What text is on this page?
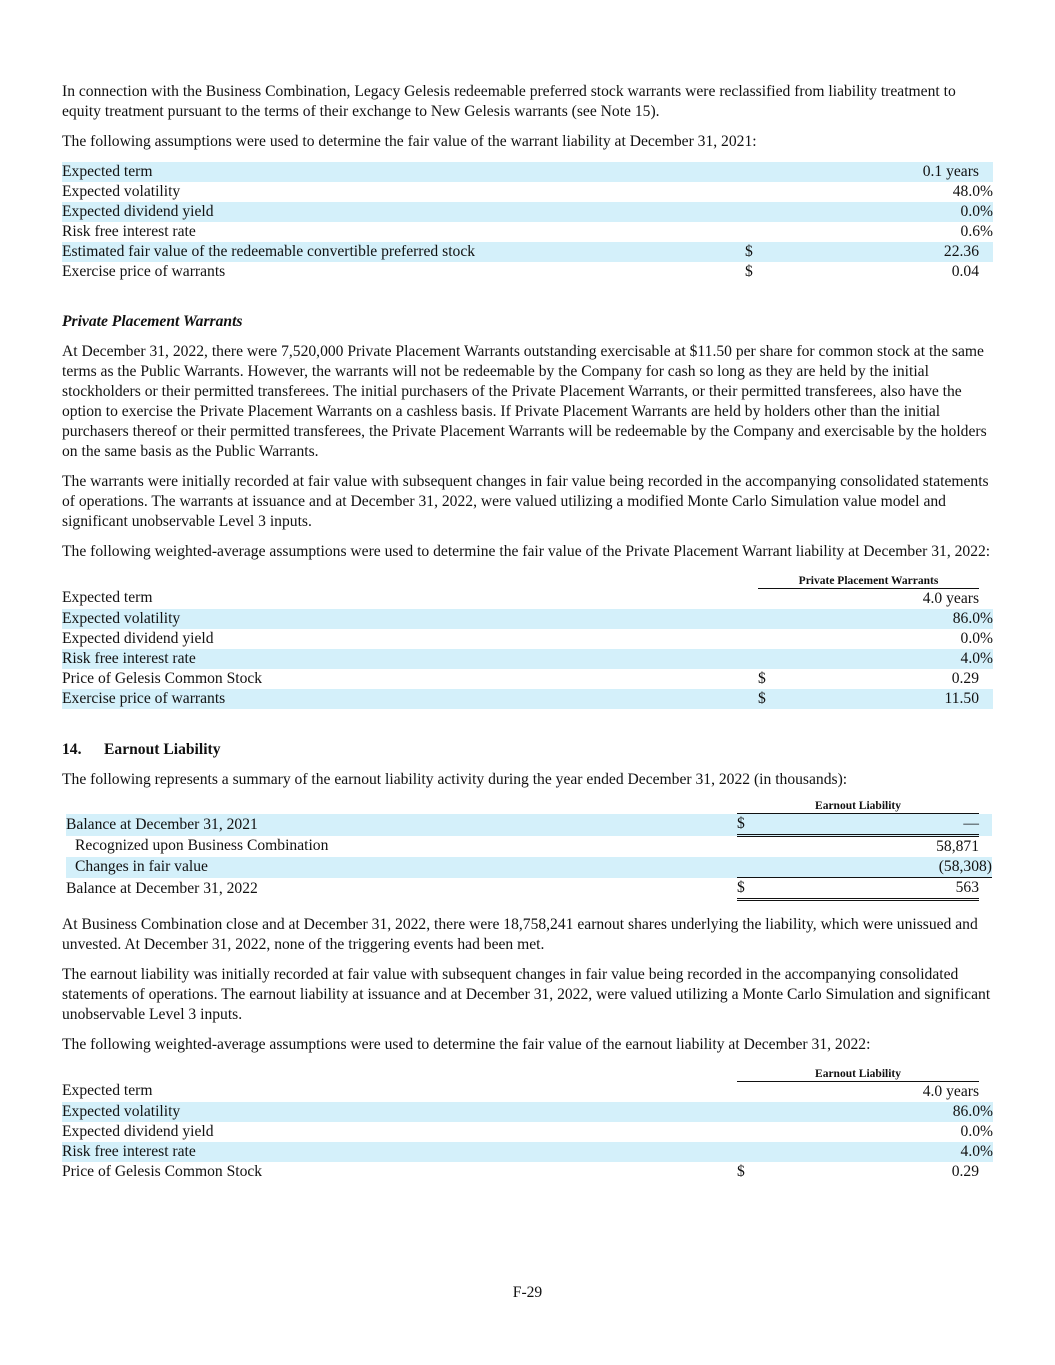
In connection with the Business Combination, Legacy Gelesis redeemable preferred stock warrants were reclassified from liability treatment to equity treatment pursuant to the terms of their exchange to New Gelesis warrants (see Note 15).

The following assumptions were used to determine the fair value of the warrant liability at December 31, 2021:

Expected term		0.1 years	
Expected volatility		48.0%	
Expected dividend yield		0.0%	
Risk free interest rate		0.6%	
Estimated fair value of the redeemable convertible preferred stock	$	22.36	
Exercise price of warrants	$	0.04	

Private Placement Warrants

At December 31, 2022, there were 7,520,000 Private Placement Warrants outstanding exercisable at $11.50 per share for common stock at the same terms as the Public Warrants. However, the warrants will not be redeemable by the Company for cash so long as they are held by the initial stockholders or their permitted transferees. The initial purchasers of the Private Placement Warrants, or their permitted transferees, also have the option to exercise the Private Placement Warrants on a cashless basis. If Private Placement Warrants are held by holders other than the initial purchasers thereof or their permitted transferees, the Private Placement Warrants will be redeemable by the Company and exercisable by the holders on the same basis as the Public Warrants.

The warrants were initially recorded at fair value with subsequent changes in fair value being recorded in the accompanying consolidated statements of operations. The warrants at issuance and at December 31, 2022, were valued utilizing a modified Monte Carlo Simulation value model and significant unobservable Level 3 inputs.

The following weighted-average assumptions were used to determine the fair value of the Private Placement Warrant liability at December 31, 2022:

	Private Placement Warrants		
Expected term		4.0 years	
Expected volatility		86.0%	
Expected dividend yield		0.0%	
Risk free interest rate		4.0%	
Price of Gelesis Common Stock	$	0.29	
Exercise price of warrants	$	11.50	

14. Earnout Liability

The following represents a summary of the earnout liability activity during the year ended December 31, 2022 (in thousands):

	Earnout Liability		
Balance at December 31, 2021	$	—	
Recognized upon Business Combination		58,871	
Changes in fair value		(58,308)	
Balance at December 31, 2022	$	563	

At Business Combination close and at December 31, 2022, there were 18,758,241 earnout shares underlying the liability, which were unissued and unvested. At December 31, 2022, none of the triggering events had been met.

The earnout liability was initially recorded at fair value with subsequent changes in fair value being recorded in the accompanying consolidated statements of operations. The earnout liability at issuance and at December 31, 2022, were valued utilizing a Monte Carlo Simulation and significant unobservable Level 3 inputs.

The following weighted-average assumptions were used to determine the fair value of the earnout liability at December 31, 2022:

	Earnout Liability		
Expected term		4.0 years	
Expected volatility		86.0%	
Expected dividend yield		0.0%	
Risk free interest rate		4.0%	
Price of Gelesis Common Stock	$	0.29	
F-29
